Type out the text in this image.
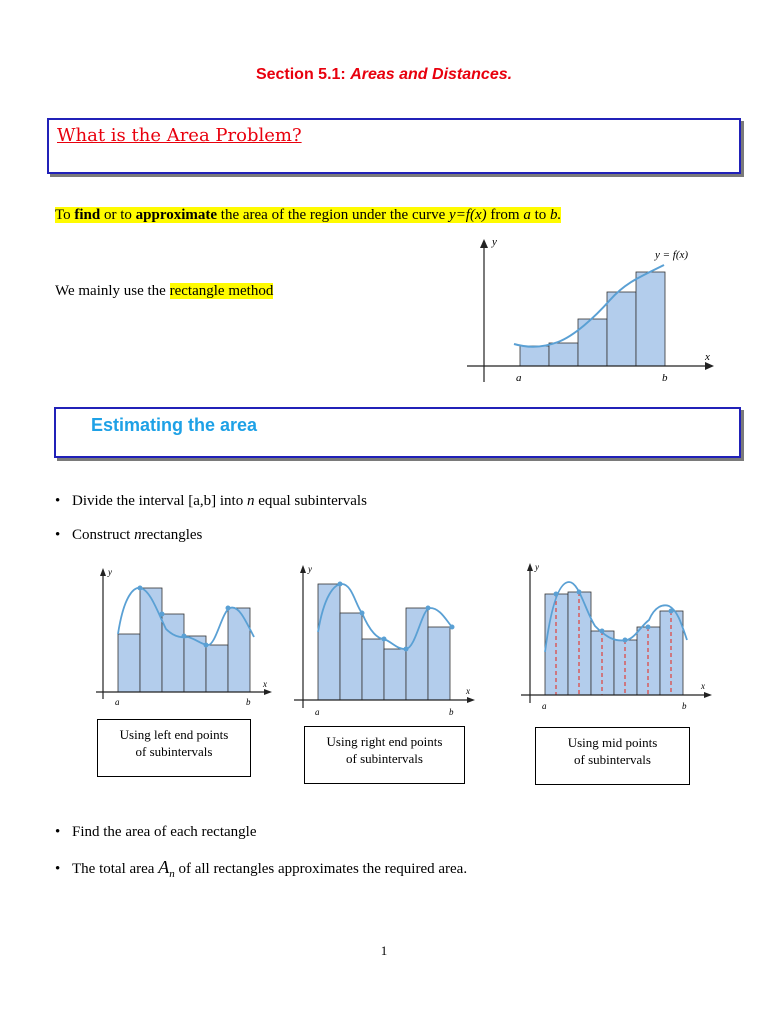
Section 5.1: Areas and Distances.
What is the Area Problem?
To find or to approximate the area of the region under the curve y=f(x) from a to b.
We mainly use the rectangle method
y
x
y = f(x)
a	b
Estimating the area
• Divide the interval [a,b] into n equal subintervals
• Construct nrectangles
y
x
a	b
y
x
a	b
y
x
a	b
Using left end points
of subintervals
Using right end points
of subintervals
Using mid points
of subintervals
• Find the area of each rectangle
• The total area $A_n$ of all rectangles approximates the required area.
1
